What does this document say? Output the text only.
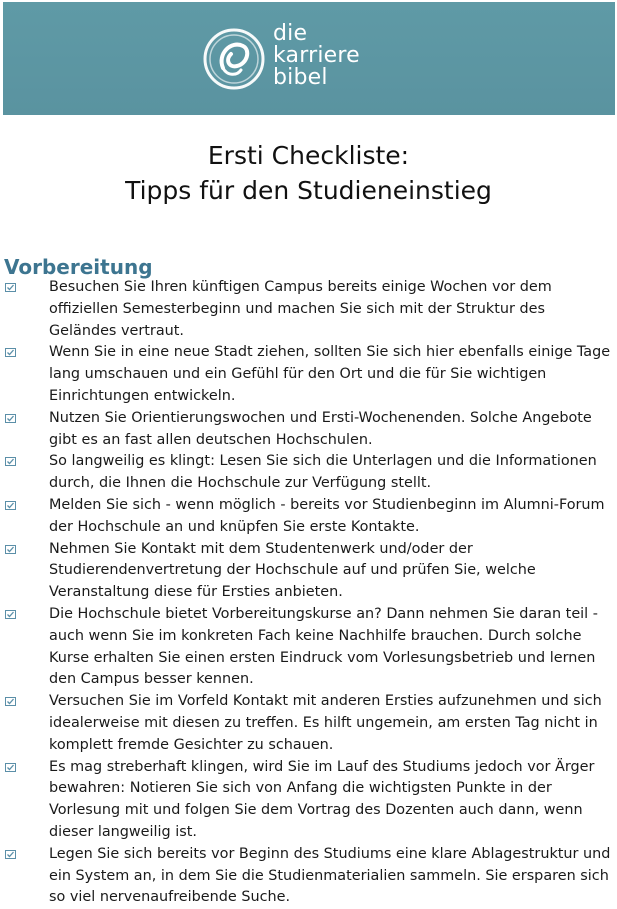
die
karriere
bibel
Ersti Checkliste:
Tipps für den Studieneinstieg
Vorbereitung
Besuchen Sie Ihren künftigen Campus bereits einige Wochen vor dem offiziellen Semesterbeginn und machen Sie sich mit der Struktur des Geländes vertraut.
Wenn Sie in eine neue Stadt ziehen, sollten Sie sich hier ebenfalls einige Tage lang umschauen und ein Gefühl für den Ort und die für Sie wichtigen Einrichtungen entwickeln.
Nutzen Sie Orientierungswochen und Ersti-Wochenenden. Solche Angebote gibt es an fast allen deutschen Hochschulen.
So langweilig es klingt: Lesen Sie sich die Unterlagen und die Informationen durch, die Ihnen die Hochschule zur Verfügung stellt.
Melden Sie sich - wenn möglich - bereits vor Studienbeginn im Alumni-Forum der Hochschule an und knüpfen Sie erste Kontakte.
Nehmen Sie Kontakt mit dem Studentenwerk und/oder der Studierendenvertretung der Hochschule auf und prüfen Sie, welche Veranstaltung diese für Ersties anbieten.
Die Hochschule bietet Vorbereitungskurse an? Dann nehmen Sie daran teil - auch wenn Sie im konkreten Fach keine Nachhilfe brauchen. Durch solche Kurse erhalten Sie einen ersten Eindruck vom Vorlesungsbetrieb und lernen den Campus besser kennen.
Versuchen Sie im Vorfeld Kontakt mit anderen Ersties aufzunehmen und sich idealerweise mit diesen zu treffen. Es hilft ungemein, am ersten Tag nicht in komplett fremde Gesichter zu schauen.
Es mag streberhaft klingen, wird Sie im Lauf des Studiums jedoch vor Ärger bewahren: Notieren Sie sich von Anfang die wichtigsten Punkte in der Vorlesung mit und folgen Sie dem Vortrag des Dozenten auch dann, wenn dieser langweilig ist.
Legen Sie sich bereits vor Beginn des Studiums eine klare Ablagestruktur und ein System an, in dem Sie die Studienmaterialien sammeln. Sie ersparen sich so viel nervenaufreibende Suche.
